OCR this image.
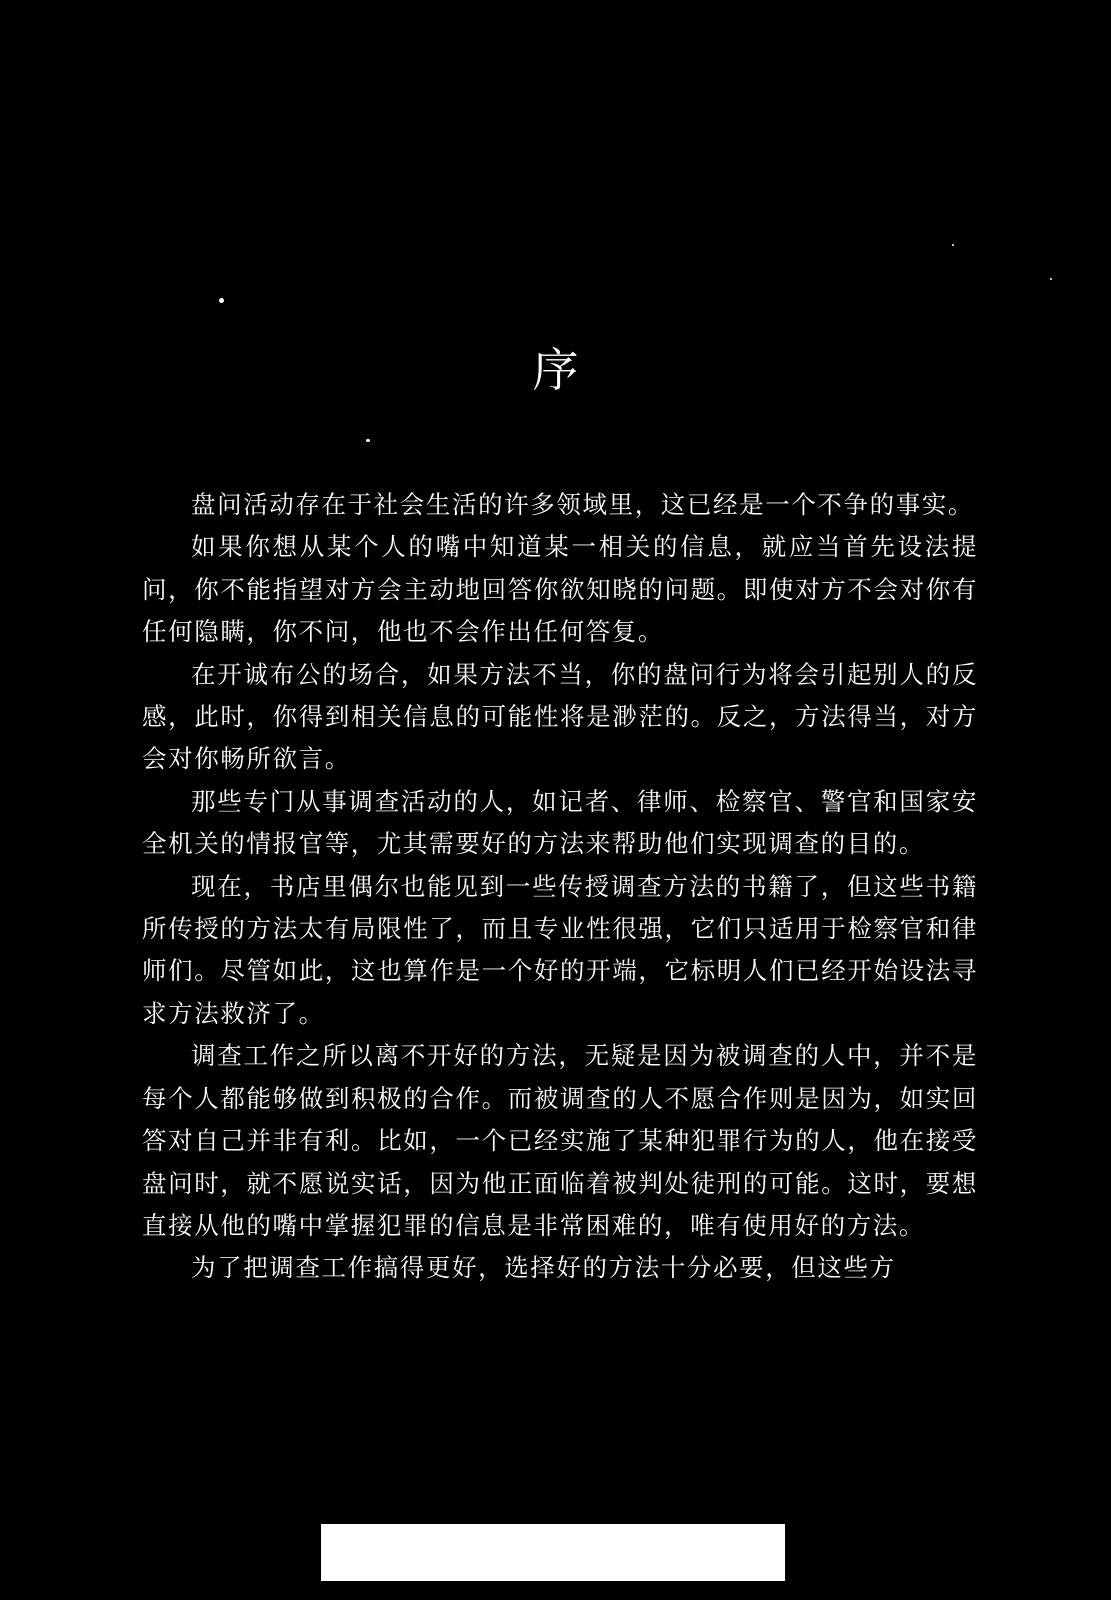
序

盘问活动存在于社会生活的许多领域里，这已经是一个不争的事实。

如果你想从某个人的嘴中知道某一相关的信息，就应当首先设法提问，你不能指望对方会主动地回答你欲知晓的问题。即使对方不会对你有任何隐瞒，你不问，他也不会作出任何答复。

在开诚布公的场合，如果方法不当，你的盘问行为将会引起别人的反感，此时，你得到相关信息的可能性将是渺茫的。反之，方法得当，对方会对你畅所欲言。

那些专门从事调查活动的人，如记者、律师、检察官、警官和国家安全机关的情报官等，尤其需要好的方法来帮助他们实现调查的目的。

现在，书店里偶尔也能见到一些传授调查方法的书籍了，但这些书籍所传授的方法太有局限性了，而且专业性很强，它们只适用于检察官和律师们。尽管如此，这也算作是一个好的开端，它标明人们已经开始设法寻求方法救济了。

调查工作之所以离不开好的方法，无疑是因为被调查的人中，并不是每个人都能够做到积极的合作。而被调查的人不愿合作则是因为，如实回答对自己并非有利。比如，一个已经实施了某种犯罪行为的人，他在接受盘问时，就不愿说实话，因为他正面临着被判处徒刑的可能。这时，要想直接从他的嘴中掌握犯罪的信息是非常困难的，唯有使用好的方法。

为了把调查工作搞得更好，选择好的方法十分必要，但这些方
